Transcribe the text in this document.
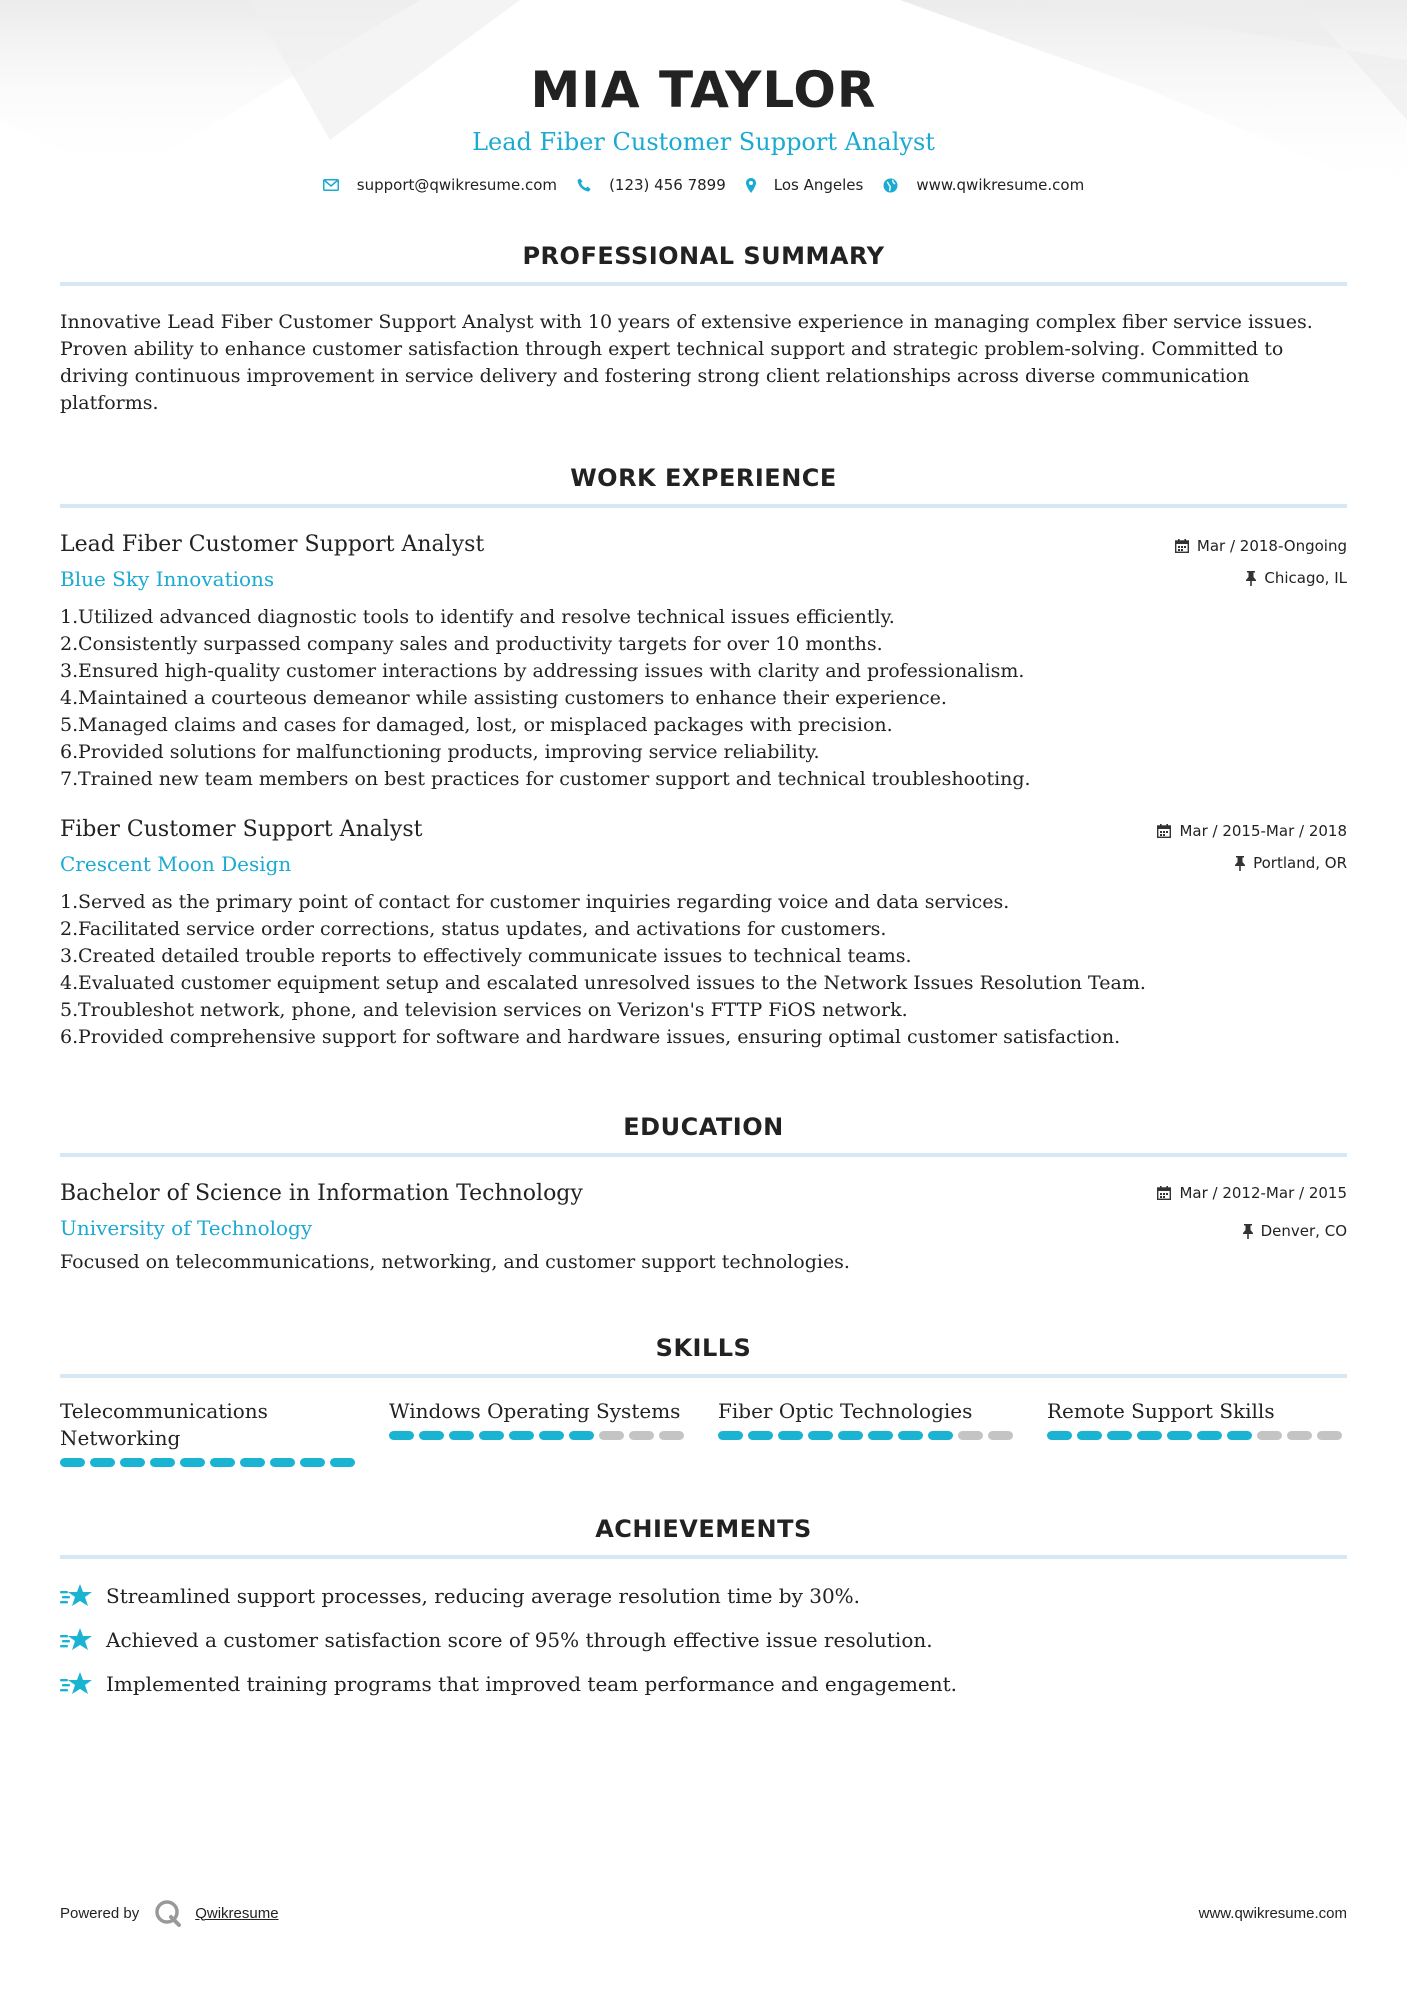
MIA TAYLOR
Lead Fiber Customer Support Analyst
support@qwikresume.com	(123) 456 7899	Los Angeles	www.qwikresume.com
PROFESSIONAL SUMMARY

Innovative Lead Fiber Customer Support Analyst with 10 years of extensive experience in managing complex fiber service issues. Proven ability to enhance customer satisfaction through expert technical support and strategic problem-solving. Committed to driving continuous improvement in service delivery and fostering strong client relationships across diverse communication platforms.

WORK EXPERIENCE
Lead Fiber Customer Support Analyst
Blue Sky Innovations
Mar / 2018-Ongoing
Chicago, IL
1. Utilized advanced diagnostic tools to identify and resolve technical issues efficiently.
2. Consistently surpassed company sales and productivity targets for over 10 months.
3. Ensured high-quality customer interactions by addressing issues with clarity and professionalism.
4. Maintained a courteous demeanor while assisting customers to enhance their experience.
5. Managed claims and cases for damaged, lost, or misplaced packages with precision.
6. Provided solutions for malfunctioning products, improving service reliability.
7. Trained new team members on best practices for customer support and technical troubleshooting.
Fiber Customer Support Analyst
Crescent Moon Design
Mar / 2015-Mar / 2018
Portland, OR
1. Served as the primary point of contact for customer inquiries regarding voice and data services.
2. Facilitated service order corrections, status updates, and activations for customers.
3. Created detailed trouble reports to effectively communicate issues to technical teams.
4. Evaluated customer equipment setup and escalated unresolved issues to the Network Issues Resolution Team.
5. Troubleshot network, phone, and television services on Verizon's FTTP FiOS network.
6. Provided comprehensive support for software and hardware issues, ensuring optimal customer satisfaction.
EDUCATION
Bachelor of Science in Information Technology
University of Technology
Mar / 2012-Mar / 2015
Denver, CO

Focused on telecommunications, networking, and customer support technologies.

SKILLS
Telecommunications Networking
Windows Operating Systems	Fiber Optic Technologies	Remote Support Skills
ACHIEVEMENTS
Streamlined support processes, reducing average resolution time by 30%.
Achieved a customer satisfaction score of 95% through effective issue resolution.
Implemented training programs that improved team performance and engagement.
Powered by	Qwikresume	www.qwikresume.com
